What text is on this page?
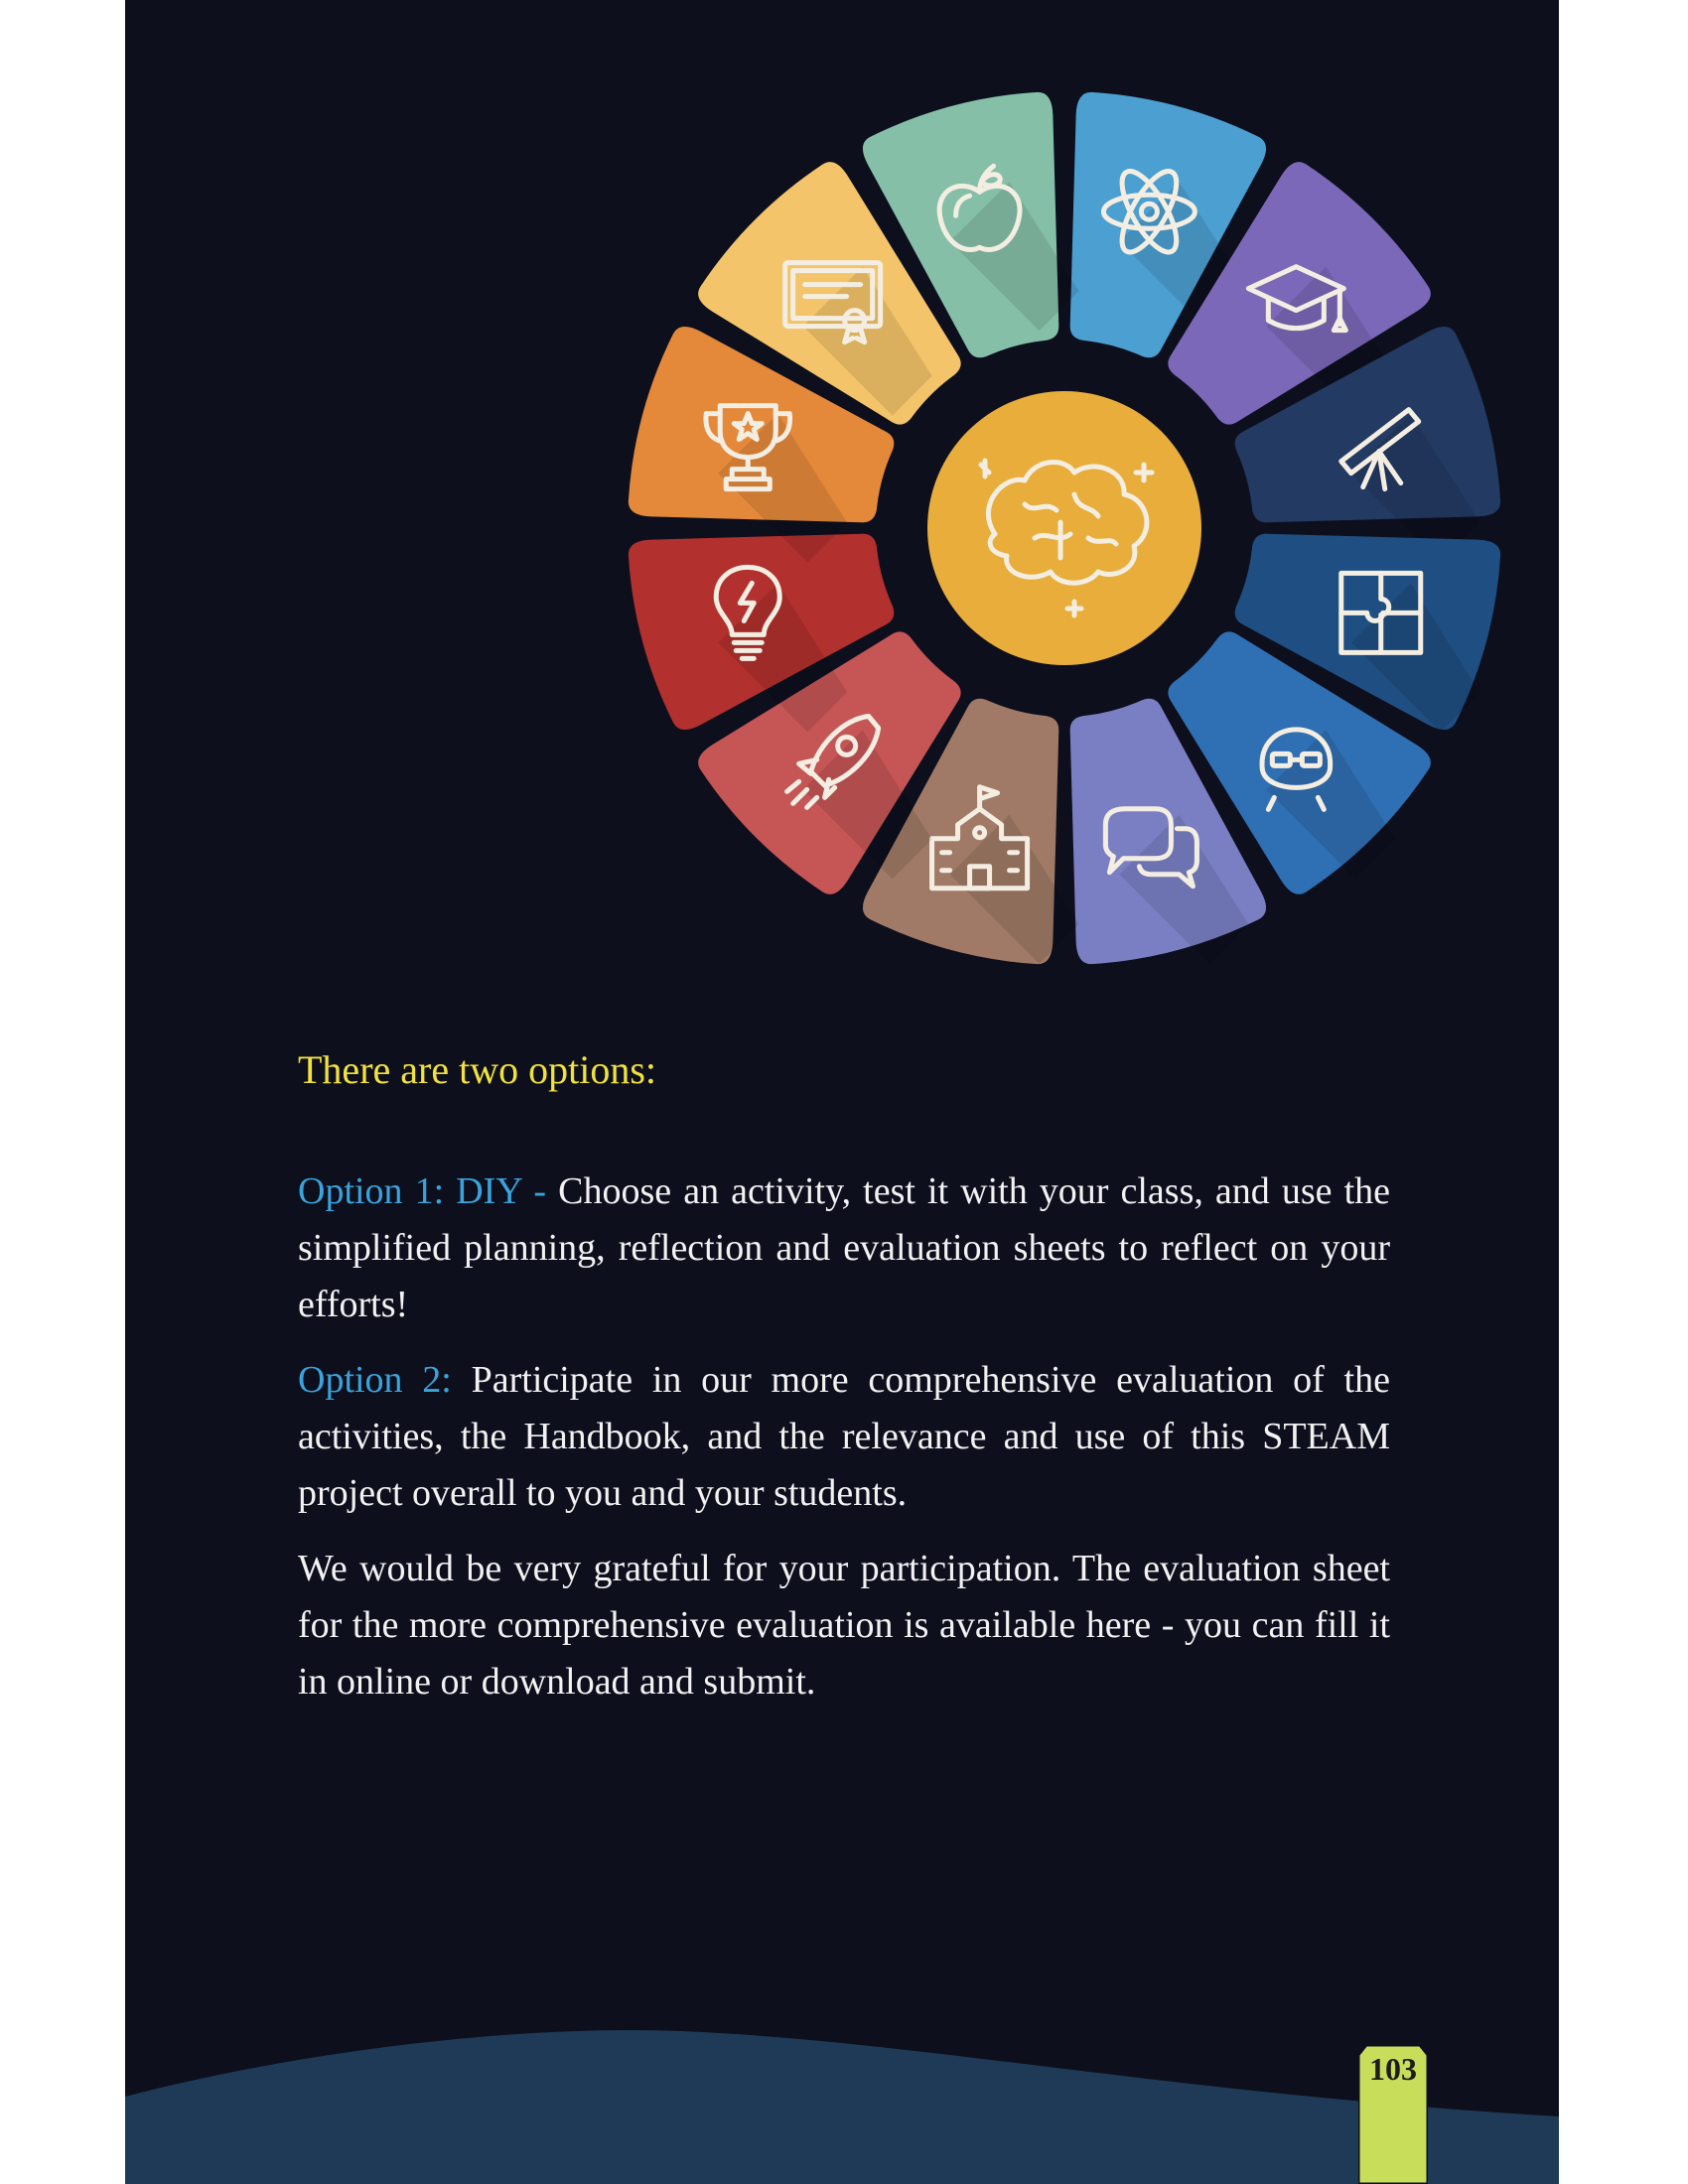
There are two options:

Option 1: DIY - Choose an activity, test it with your class, and use the simplified planning, reflection and evaluation sheets to reflect on your efforts!

Option 2: Participate in our more comprehensive evaluation of the activities, the Handbook, and the relevance and use of this STEAM project overall to you and your students.

We would be very grateful for your participation. The evaluation sheet for the more comprehensive evaluation is available here - you can fill it in online or download and submit.

103
